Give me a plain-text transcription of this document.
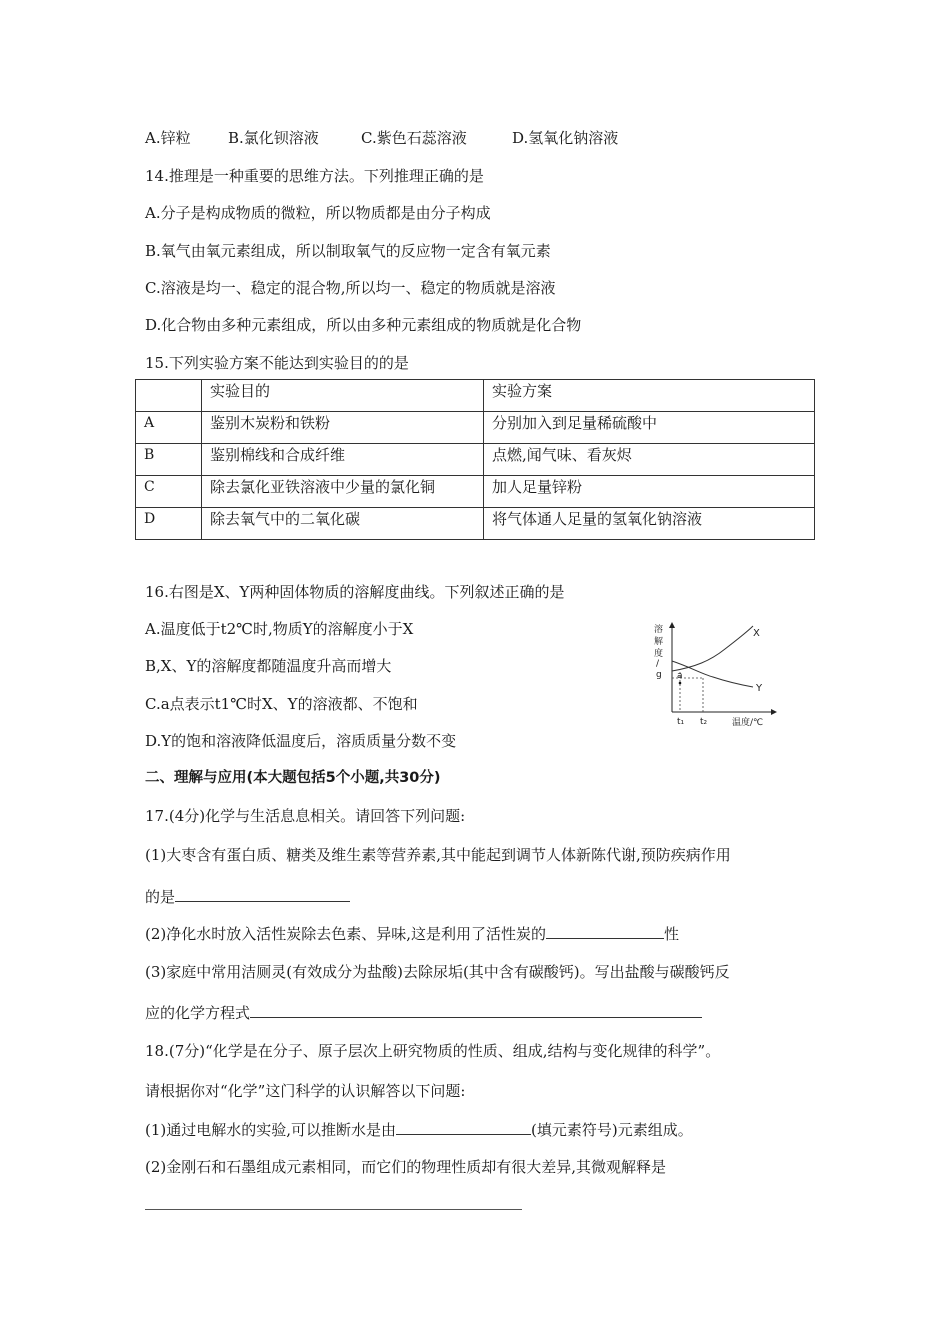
A.锌粒 B.氯化钡溶液	C.紫色石蕊溶液	D.氢氧化钠溶液
14.推理是一种重要的思维方法。下列推理正确的是
A.分子是构成物质的微粒，所以物质都是由分子构成
B.氧气由氧元素组成，所以制取氧气的反应物一定含有氧元素
C.溶液是均一、稳定的混合物,所以均一、稳定的物质就是溶液
D.化合物由多种元素组成，所以由多种元素组成的物质就是化合物
15.下列实验方案不能达到实验目的的是
	实验目的	实验方案
A	鉴别木炭粉和铁粉	分别加入到足量稀硫酸中
B	鉴别棉线和合成纤维	点燃,闻气味、看灰烬
C	除去氯化亚铁溶液中少量的氯化铜	加人足量锌粉
D	除去氧气中的二氧化碳	将气体通人足量的氢氧化钠溶液
16.右图是X、Y两种固体物质的溶解度曲线。下列叙述正确的是
A.温度低于t2℃时,物质Y的溶解度小于X
B,X、Y的溶解度都随温度升高而增大
C.a点表示t1℃时X、Y的溶液都、不饱和
D.Y的饱和溶液降低温度后，溶质质量分数不变
溶
解
度
/
g
X
Y
a
t₁ t₂	温度/℃
二、理解与应用(本大题包括5个小题,共30分)
17.(4分)化学与生活息息相关。请回答下列问题:
(1)大枣含有蛋白质、糖类及维生素等营养素,其中能起到调节人体新陈代谢,预防疾病作用
的是
(2)净化水时放入活性炭除去色素、异味,这是利用了活性炭的	性
(3)家庭中常用洁厕灵(有效成分为盐酸)去除尿垢(其中含有碳酸钙)。写出盐酸与碳酸钙反
应的化学方程式
18.(7分)“化学是在分子、原子层次上研究物质的性质、组成,结构与变化规律的科学”。
请根据你对“化学”这门科学的认识解答以下问题:
(1)通过电解水的实验,可以推断水是由	(填元素符号)元素组成。
(2)金刚石和石墨组成元素相同，而它们的物理性质却有很大差异,其微观解释是
